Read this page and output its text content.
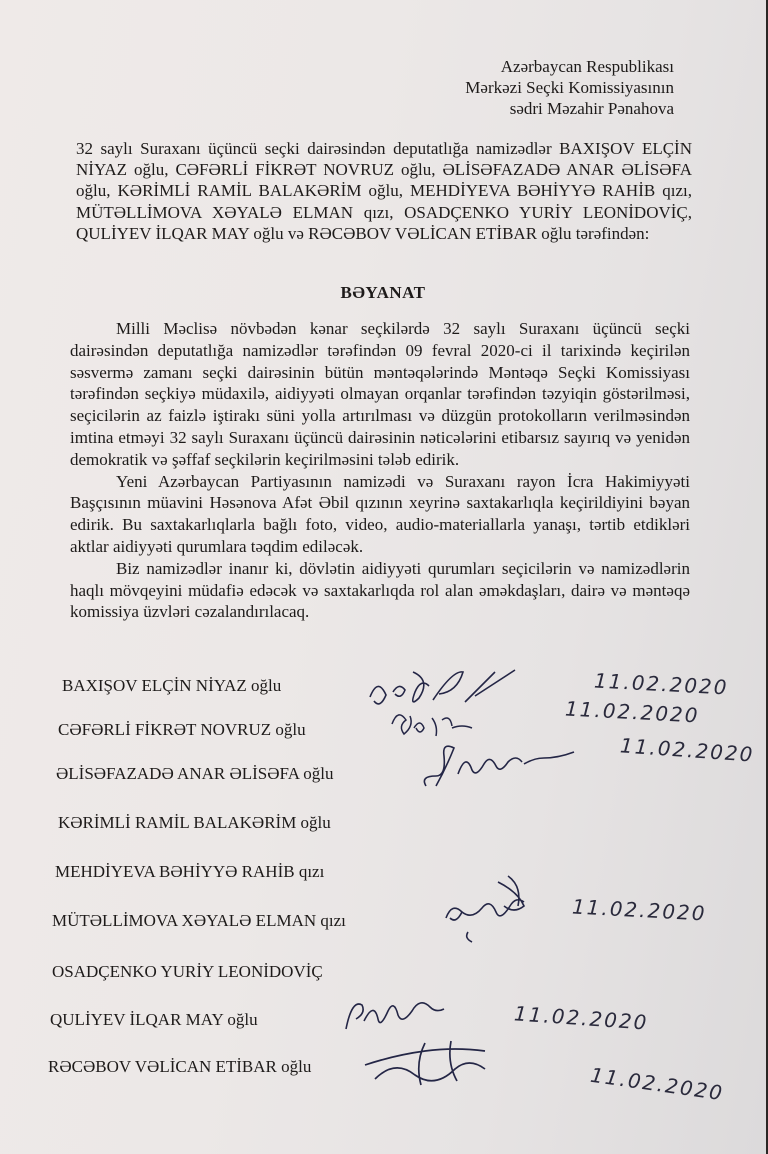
Azərbaycan Respublikası
Mərkəzi Seçki Komissiyasının
sədri Məzahir Pənahova
32 saylı Suraxanı üçüncü seçki dairəsindən deputatlığa namizədlər BAXIŞOV ELÇİN NİYAZ oğlu, CƏFƏRLİ FİKRƏT NOVRUZ oğlu, ƏLİSƏFAZADƏ ANAR ƏLİSƏFA oğlu, KƏRİMLİ RAMİL BALAKƏRİM oğlu, MEHDİYEVA BƏHİYYƏ RAHİB qızı, MÜTƏLLİMOVA XƏYALƏ ELMAN qızı, OSADÇENKO YURİY LEONİDOVİÇ, QULİYEV İLQAR MAY oğlu və RƏCƏBOV VƏLİCAN ETİBAR oğlu tərəfindən:
BƏYANAT

Milli Məclisə növbədən kənar seçkilərdə 32 saylı Suraxanı üçüncü seçki dairəsindən deputatlığa namizədlər tərəfindən 09 fevral 2020-ci il tarixində keçirilən səsvermə zamanı seçki dairəsinin bütün məntəqələrində Məntəqə Seçki Komissiyası tərəfindən seçkiyə müdaxilə, aidiyyəti olmayan orqanlar tərəfindən təzyiqin göstərilməsi, seçicilərin az faizlə iştirakı süni yolla artırılması və düzgün protokolların verilməsindən imtina etməyi 32 saylı Suraxanı üçüncü dairəsinin nəticələrini etibarsız sayırıq və yenidən demokratik və şəffaf seçkilərin keçirilməsini tələb edirik.

Yeni Azərbaycan Partiyasının namizədi və Suraxanı rayon İcra Hakimiyyəti Başçısının müavini Həsənova Afət Əbil qızının xeyrinə saxtakarlıqla keçirildiyini bəyan edirik. Bu saxtakarlıqlarla bağlı foto, video, audio-materiallarla yanaşı, tərtib etdikləri aktlar aidiyyəti qurumlara təqdim ediləcək.

Biz namizədlər inanır ki, dövlətin aidiyyəti qurumları seçicilərin və namizədlərin haqlı mövqeyini müdafiə edəcək və saxtakarlıqda rol alan əməkdaşları, dairə və məntəqə komissiya üzvləri cəzalandırılacaq.

BAXIŞOV ELÇİN NİYAZ oğlu
CƏFƏRLİ FİKRƏT NOVRUZ oğlu
ƏLİSƏFAZADƏ ANAR ƏLİSƏFA oğlu
KƏRİMLİ RAMİL BALAKƏRİM oğlu
MEHDİYEVA BƏHİYYƏ RAHİB qızı
MÜTƏLLİMOVA XƏYALƏ ELMAN qızı
OSADÇENKO YURİY LEONİDOVİÇ
QULİYEV İLQAR MAY oğlu
RƏCƏBOV VƏLİCAN ETİBAR oğlu
11.02.2020
11.02.2020
11.02.2020
11.02.2020
11.02.2020
11.02.2020
